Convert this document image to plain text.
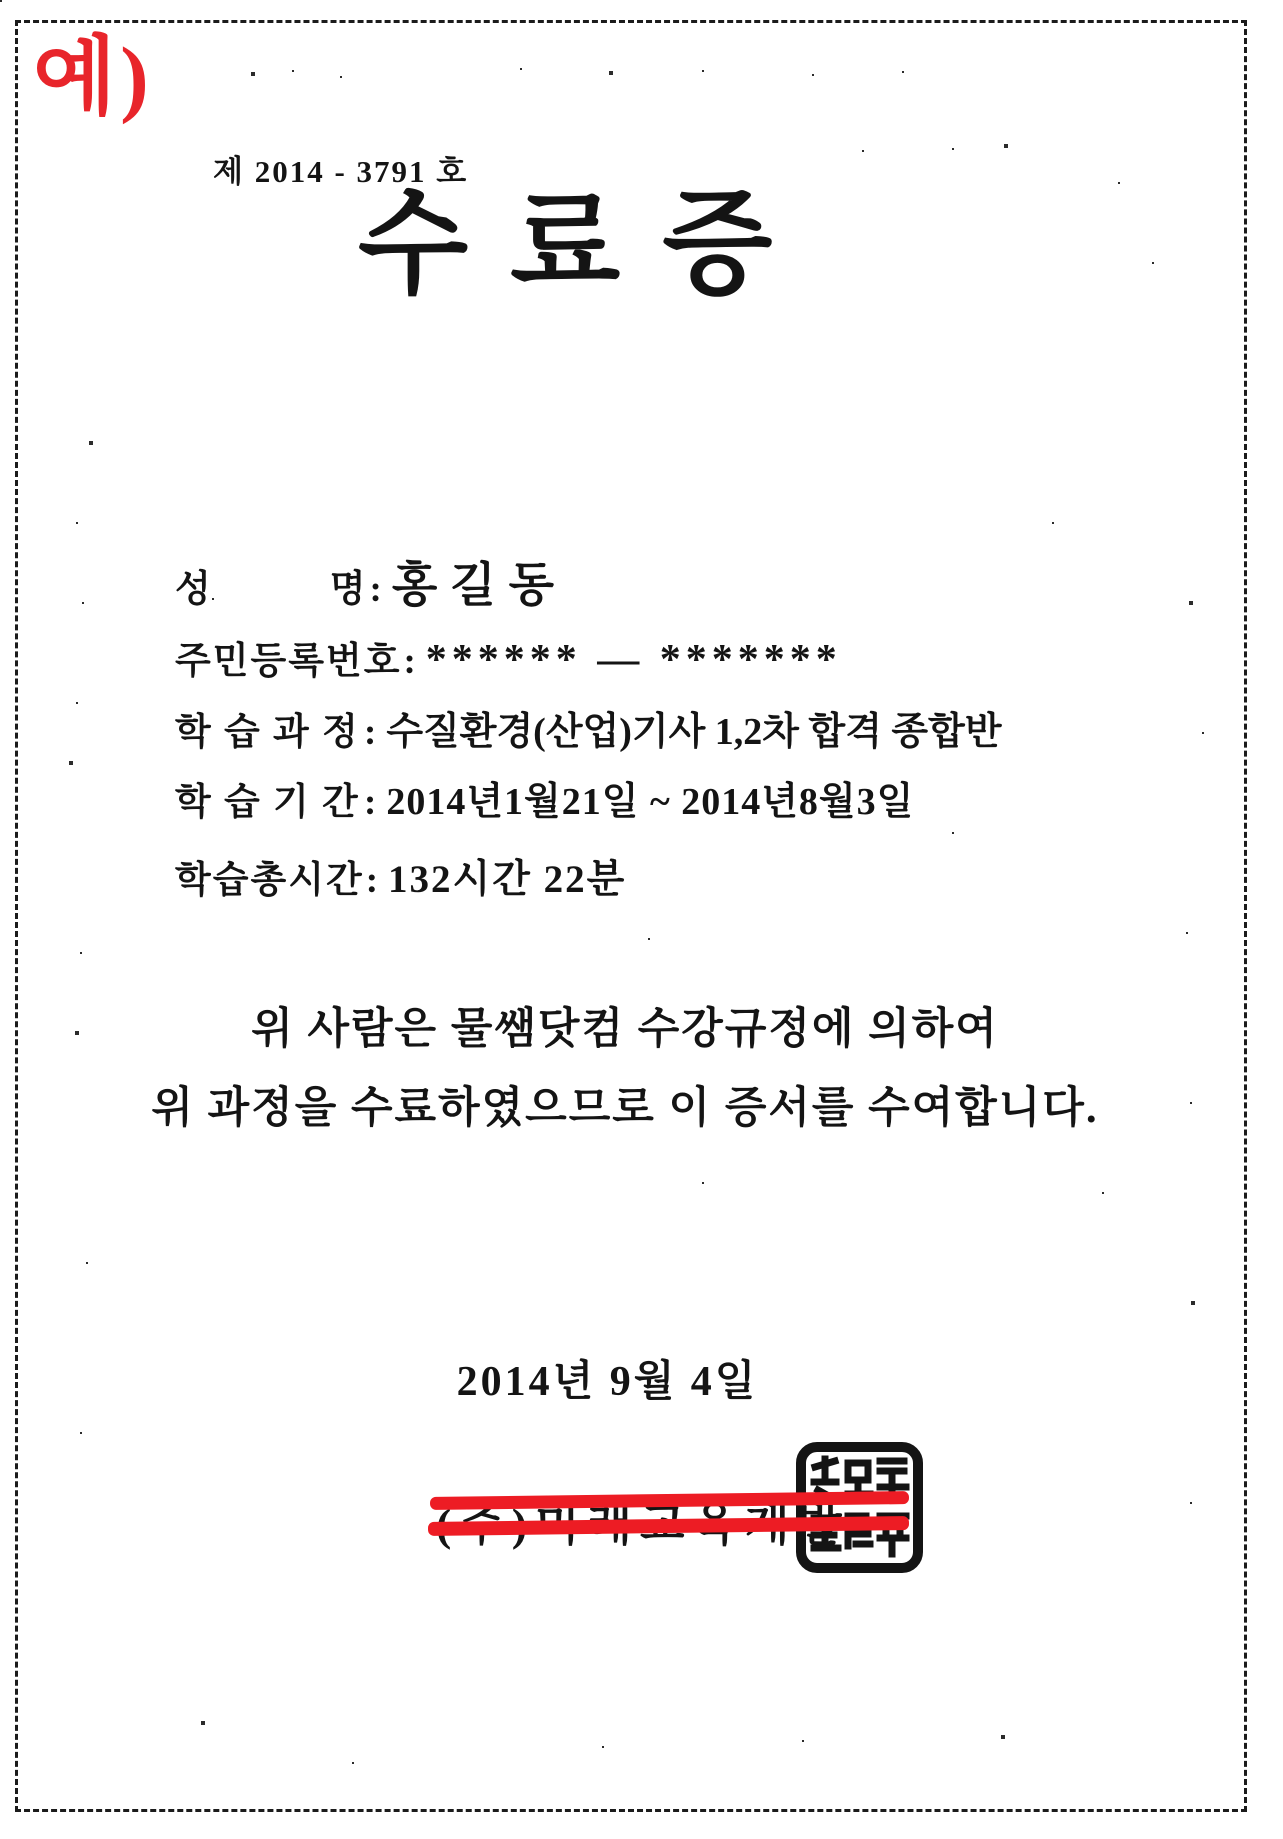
예)
제 2014 - 3791 호
수료증
성　　　명 : 홍길동
주민등록번호 : ****** — *******
학 습 과 정 : 수질환경(산업)기사 1,2차 합격 종합반
학 습 기 간 : 2014년1월21일 ~ 2014년8월3일
학습총시간 : 132시간 22분
위 사람은 물쌤닷컴 수강규정에 의하여
위 과정을 수료하였으므로 이 증서를 수여합니다.
2014년 9월 4일
